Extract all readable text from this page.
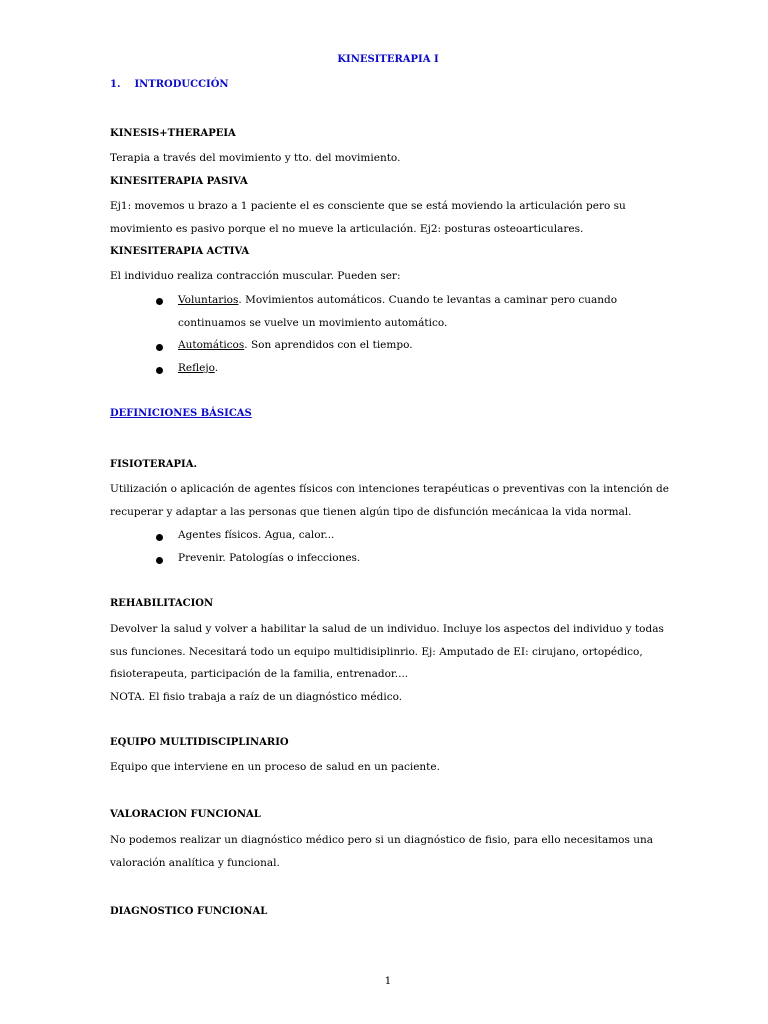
KINESITERAPIA I
1. INTRODUCCIÓN
KINESIS+THERAPEIA
Terapia a través del movimiento y tto. del movimiento.
KINESITERAPIA PASIVA
Ej1: movemos u brazo a 1 paciente el es consciente que se está moviendo la articulación pero su
movimiento es pasivo porque el no mueve la articulación. Ej2: posturas osteoarticulares.
KINESITERAPIA ACTIVA
El individuo realiza contracción muscular. Pueden ser:
Voluntarios. Movimientos automáticos. Cuando te levantas a caminar pero cuando
continuamos se vuelve un movimiento automático.
Automáticos. Son aprendidos con el tiempo.
Reflejo.
DEFINICIONES BÁSICAS
FISIOTERAPIA.
Utilización o aplicación de agentes físicos con intenciones terapéuticas o preventivas con la intención de
recuperar y adaptar a las personas que tienen algún tipo de disfunción mecánicaa la vida normal.
Agentes físicos. Agua, calor...
Prevenir. Patologías o infecciones.
REHABILITACION
Devolver la salud y volver a habilitar la salud de un individuo. Incluye los aspectos del individuo y todas
sus funciones. Necesitará todo un equipo multidisiplinrio. Ej: Amputado de EI: cirujano, ortopédico,
fisioterapeuta, participación de la familia, entrenador....
NOTA. El fisio trabaja a raíz de un diagnóstico médico.
EQUIPO MULTIDISCIPLINARIO
Equipo que interviene en un proceso de salud en un paciente.
VALORACION FUNCIONAL
No podemos realizar un diagnóstico médico pero si un diagnóstico de fisio, para ello necesitamos una
valoración analítica y funcional.
DIAGNOSTICO FUNCIONAL
1
